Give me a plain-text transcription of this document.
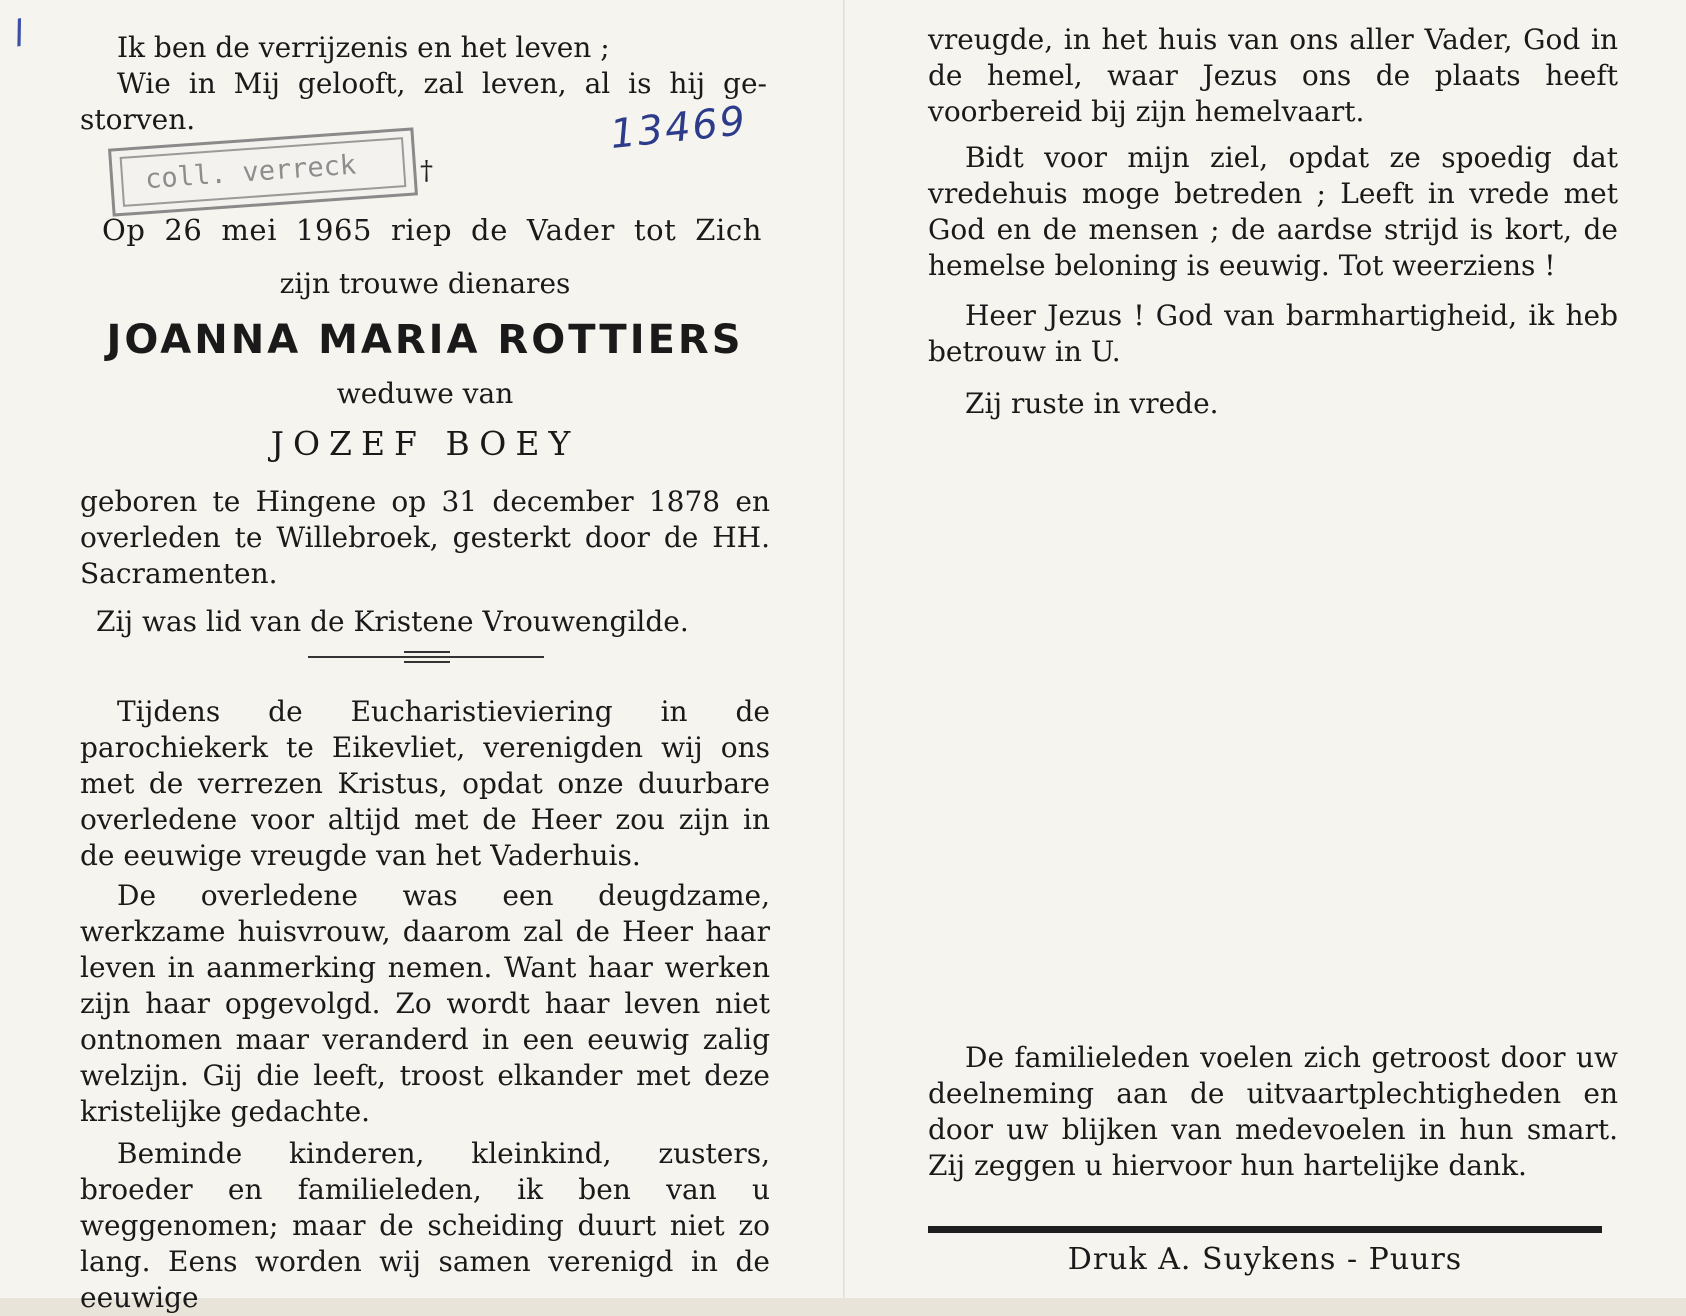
l
13469
coll. verreck	†

Ik ben de verrijzenis en het leven ;

Wie in Mij gelooft, zal leven, al is hij ge-

storven.

Op 26 mei 1965 riep de Vader tot Zich

zijn trouwe dienares

JOANNA MARIA ROTTIERS

weduwe van

JOZEF BOEY

geboren te Hingene op 31 december 1878 en overleden te Willebroek, gesterkt door de HH. Sacramenten.

Zij was lid van de Kristene Vrouwengilde.

Tijdens de Eucharistieviering in de parochiekerk te Eikevliet, verenigden wij ons met de verrezen Kristus, opdat onze duurbare overledene voor altijd met de Heer zou zijn in de eeuwige vreugde van het Vaderhuis.

De overledene was een deugdzame, werkzame huisvrouw, daarom zal de Heer haar leven in aanmerking nemen. Want haar werken zijn haar opgevolgd. Zo wordt haar leven niet ontnomen maar veranderd in een eeuwig zalig welzijn. Gij die leeft, troost elkander met deze kristelijke gedachte.

Beminde kinderen, kleinkind, zusters, broeder en familieleden, ik ben van u weggenomen; maar de scheiding duurt niet zo lang. Eens worden wij samen verenigd in de eeuwige

vreugde, in het huis van ons aller Vader, God in de hemel, waar Jezus ons de plaats heeft voorbereid bij zijn hemelvaart.

Bidt voor mijn ziel, opdat ze spoedig dat vredehuis moge betreden ; Leeft in vrede met God en de mensen ; de aardse strijd is kort, de hemelse beloning is eeuwig. Tot weerziens !

Heer Jezus ! God van barmhartigheid, ik heb betrouw in U.

Zij ruste in vrede.

De familieleden voelen zich getroost door uw deelneming aan de uitvaartplechtigheden en door uw blijken van medevoelen in hun smart. Zij zeggen u hiervoor hun hartelijke dank.

Druk A. Suykens - Puurs
